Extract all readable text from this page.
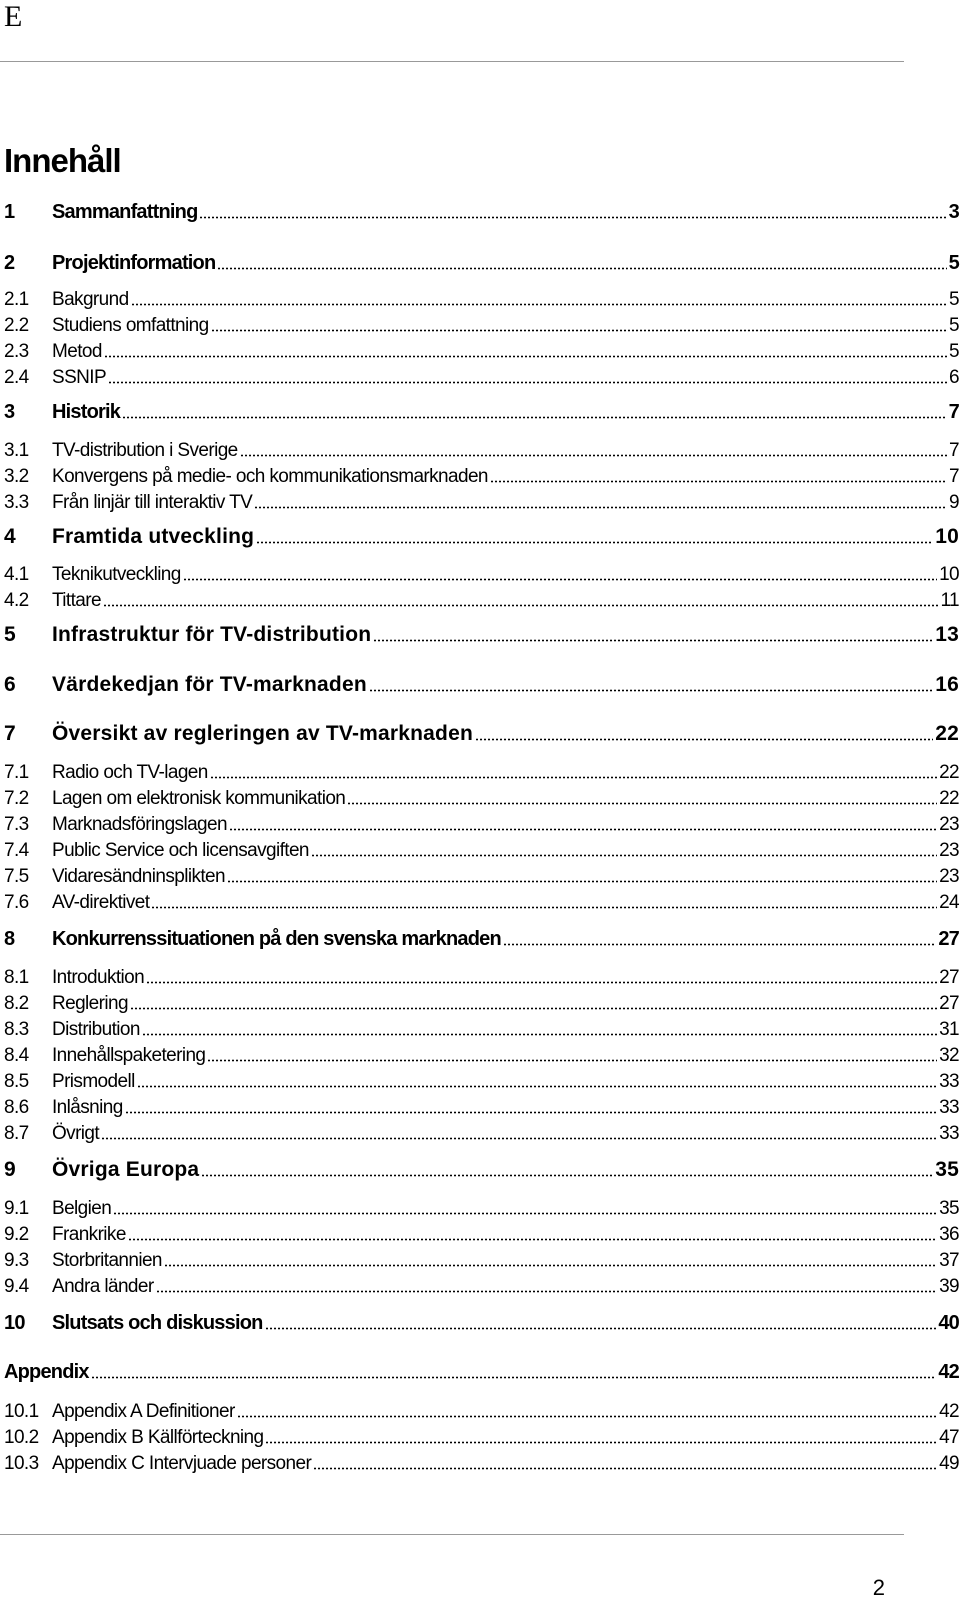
E
Innehåll
1	Sammanfattning	3
2	Projektinformation	5
2.1	Bakgrund	5
2.2	Studiens omfattning	5
2.3	Metod	5
2.4	SSNIP	6
3	Historik	7
3.1	TV-distribution i Sverige	7
3.2	Konvergens på medie- och kommunikationsmarknaden	7
3.3	Från linjär till interaktiv TV	9
4	Framtida utveckling	10
4.1	Teknikutveckling	10
4.2	Tittare	11
5	Infrastruktur för TV-distribution	13
6	Värdekedjan för TV-marknaden	16
7	Översikt av regleringen av TV-marknaden	22
7.1	Radio och TV-lagen	22
7.2	Lagen om elektronisk kommunikation	22
7.3	Marknadsföringslagen	23
7.4	Public Service och licensavgiften	23
7.5	Vidaresändninsplikten	23
7.6	AV-direktivet	24
8	Konkurrenssituationen på den svenska marknaden	27
8.1	Introduktion	27
8.2	Reglering	27
8.3	Distribution	31
8.4	Innehållspaketering	32
8.5	Prismodell	33
8.6	Inlåsning	33
8.7	Övrigt	33
9	Övriga Europa	35
9.1	Belgien	35
9.2	Frankrike	36
9.3	Storbritannien	37
9.4	Andra länder	39
10	Slutsats och diskussion	40
Appendix	42
10.1 Appendix A Definitioner	42
10.2 Appendix B Källförteckning	47
10.3 Appendix C Intervjuade personer	49
2
